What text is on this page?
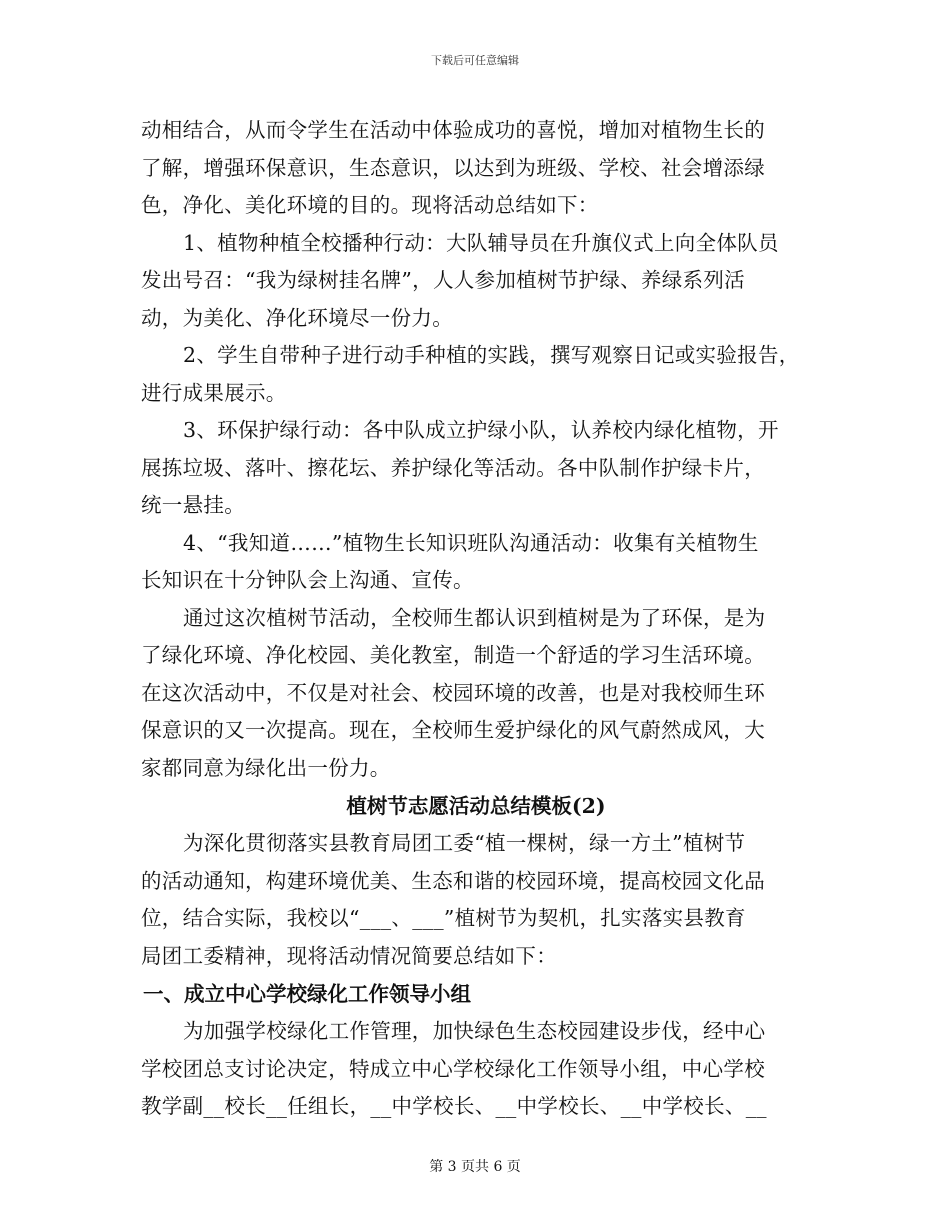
下载后可任意编辑
动相结合，从而令学生在活动中体验成功的喜悦，增加对植物生长的
了解，增强环保意识，生态意识，以达到为班级、学校、社会增添绿
色，净化、美化环境的目的。现将活动总结如下：
1、植物种植全校播种行动：大队辅导员在升旗仪式上向全体队员
发出号召：“我为绿树挂名牌”，人人参加植树节护绿、养绿系列活
动，为美化、净化环境尽一份力。
2、学生自带种子进行动手种植的实践，撰写观察日记或实验报告，
进行成果展示。
3、环保护绿行动：各中队成立护绿小队，认养校内绿化植物，开
展拣垃圾、落叶、擦花坛、养护绿化等活动。各中队制作护绿卡片，
统一悬挂。
4、“我知道……”植物生长知识班队沟通活动：收集有关植物生
长知识在十分钟队会上沟通、宣传。
通过这次植树节活动，全校师生都认识到植树是为了环保，是为
了绿化环境、净化校园、美化教室，制造一个舒适的学习生活环境。
在这次活动中，不仅是对社会、校园环境的改善，也是对我校师生环
保意识的又一次提高。现在，全校师生爱护绿化的风气蔚然成风，大
家都同意为绿化出一份力。
植树节志愿活动总结模板(2)
为深化贯彻落实县教育局团工委“植一棵树，绿一方土”植树节
的活动通知，构建环境优美、生态和谐的校园环境，提高校园文化品
位，结合实际，我校以“___、___”植树节为契机，扎实落实县教育
局团工委精神，现将活动情况简要总结如下：
一、成立中心学校绿化工作领导小组
为加强学校绿化工作管理，加快绿色生态校园建设步伐，经中心
学校团总支讨论决定，特成立中心学校绿化工作领导小组，中心学校
教学副__校长__任组长，__中学校长、__中学校长、__中学校长、__
第 3 页共 6 页
